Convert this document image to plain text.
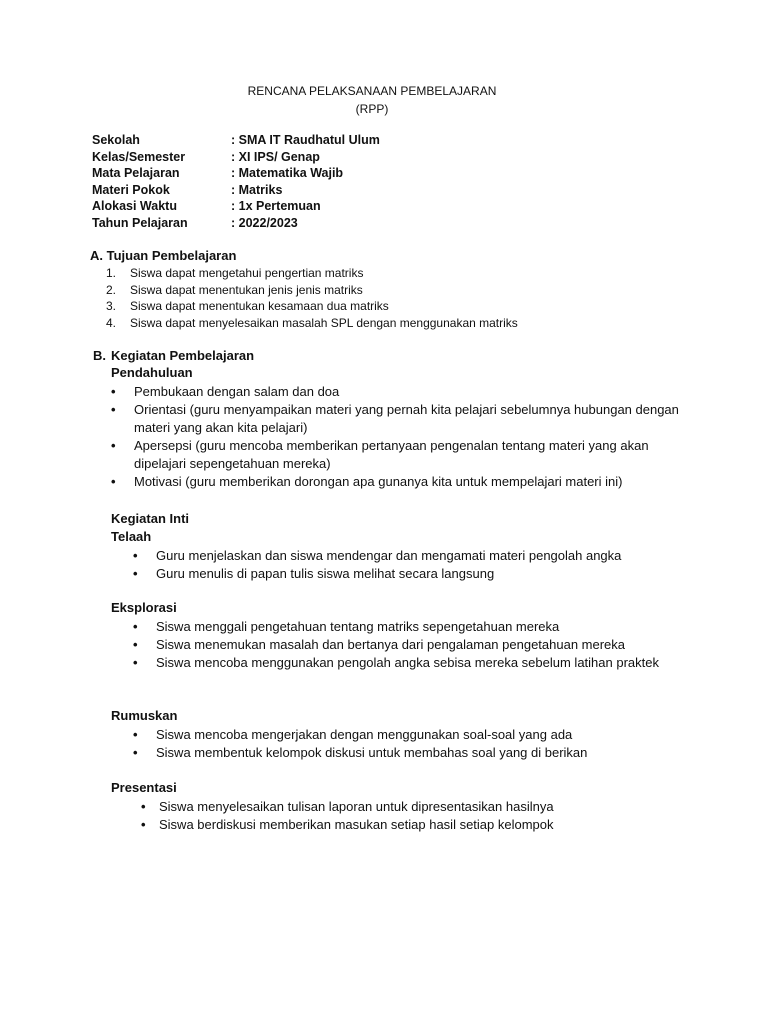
RENCANA PELAKSANAAN PEMBELAJARAN
(RPP)
Sekolah	: SMA IT Raudhatul Ulum
Kelas/Semester	: XI IPS/ Genap
Mata Pelajaran	: Matematika Wajib
Materi Pokok	: Matriks
Alokasi Waktu	: 1x Pertemuan
Tahun Pelajaran	: 2022/2023
A. Tujuan Pembelajaran
1.	Siswa dapat mengetahui pengertian matriks
2.	Siswa dapat menentukan jenis jenis matriks
3.	Siswa dapat menentukan kesamaan dua matriks
4.	Siswa dapat menyelesaikan masalah SPL dengan menggunakan matriks
B. Kegiatan Pembelajaran
Pendahuluan
•
Pembukaan dengan salam dan doa
•
Orientasi (guru menyampaikan materi yang pernah kita pelajari sebelumnya hubungan dengan materi yang akan kita pelajari)
•
Apersepsi (guru mencoba memberikan pertanyaan pengenalan tentang materi yang akan dipelajari sepengetahuan mereka)
•
Motivasi (guru memberikan dorongan apa gunanya kita untuk mempelajari materi ini)
Kegiatan Inti
Telaah
•
Guru menjelaskan dan siswa mendengar dan mengamati materi pengolah angka
•
Guru menulis di papan tulis siswa melihat secara langsung
Eksplorasi
•
Siswa menggali pengetahuan tentang matriks sepengetahuan mereka
•
Siswa menemukan masalah dan bertanya dari pengalaman pengetahuan mereka
•
Siswa mencoba menggunakan pengolah angka sebisa mereka sebelum latihan praktek
Rumuskan
•
Siswa mencoba mengerjakan dengan menggunakan soal-soal yang ada
•
Siswa membentuk kelompok diskusi untuk membahas soal yang di berikan
Presentasi
•
Siswa menyelesaikan tulisan laporan untuk dipresentasikan hasilnya
•
Siswa berdiskusi memberikan masukan setiap hasil setiap kelompok
